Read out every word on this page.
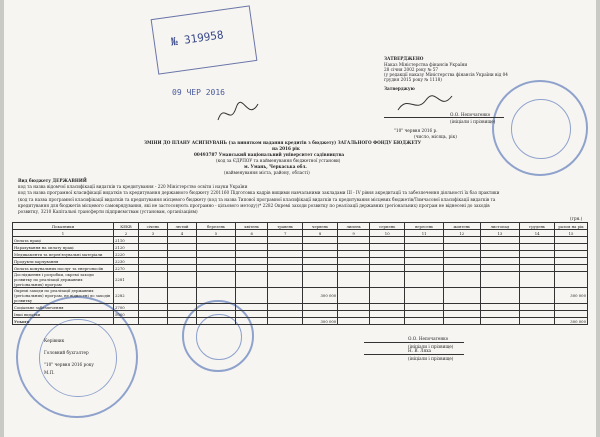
№ 319958
09 ЧЕР 2016
ЗАТВЕРДЖЕНО
Наказ Міністерства фінансів України
28 січня 2002 року № 57
(у редакції наказу Міністерства фінансів України від 04
грудня 2015 року № 1118)
Затверджую
О.О. Непочатенко
(ініціали і прізвище)
"10" червня 2016 р.
(число, місяць, рік)
ЗМІНИ ДО ПЛАНУ АСИГНУВАНЬ (за винятком надання кредитів з бюджету) ЗАГАЛЬНОГО ФОНДУ БЮДЖЕТУ
на 2016 рік
00493787 Уманський національний університет садівництва
(код за ЄДРПОУ та найменування бюджетної установи)
м. Умань, Черкаська обл.
(найменування міста, району, області)
Вид бюджету ДЕРЖАВНИЙ
код та назва відомчої класифікації видатків та кредитування - 220 Міністерство освіти і науки України
код та назва програмної класифікації видатків та кредитування державного бюджету 2201160 Підготовка кадрів вищими навчальними закладами ІІІ - IV рівня акредитації та забезпечення діяльності їх баз практики
(код та назва програмної класифікації видатків та кредитування місцевого бюджету (код та назва Типової програмної класифікації видатків та кредитування місцевих бюджетів/Тимчасової класифікації видатків та
кредитування для бюджетів місцевого самоврядування, які не застосовують програмно - цільового методу))* 2282 Окремі заходи розвитку по реалізації державних (регіональних) програм не віднесені до заходів
розвитку, 3210 Капітальні трансферти підприємствам (установам, організаціям)
(грн.)
Показники	КЕКВ	січень	лютий	березень	квітень	травень	червень	липень	серпень	вересень	жовтень	листопад	грудень	разом на рік
1	2	3	4	5	6	7	8	9	10	11	12	13	14	15
Оплата праці	2110													
Нарахування на оплату праці	2120													
Медикаменти та перев'язувальні матеріали	2220													
Продукти харчування	2230													
Оплата комунальних послуг та енергоносіїв	2270													
Дослідження і розробки, окремі заходи розвитку по реалізації державних (регіональних) програм	2281													
Окремі заходи по реалізації державних (регіональних) програм, не віднесені до заходів розвитку	2282						300 000							300 000
Соціальне забезпечення	2700													
Інші видатки	5000													
Усього							300 000							300 000
Керівник	О.О. Непочатенко
(ініціали і прізвище)
Головний бухгалтер	Н. В. Ляха
(ініціали і прізвище)
"10" червня 2016 року
М.П.
